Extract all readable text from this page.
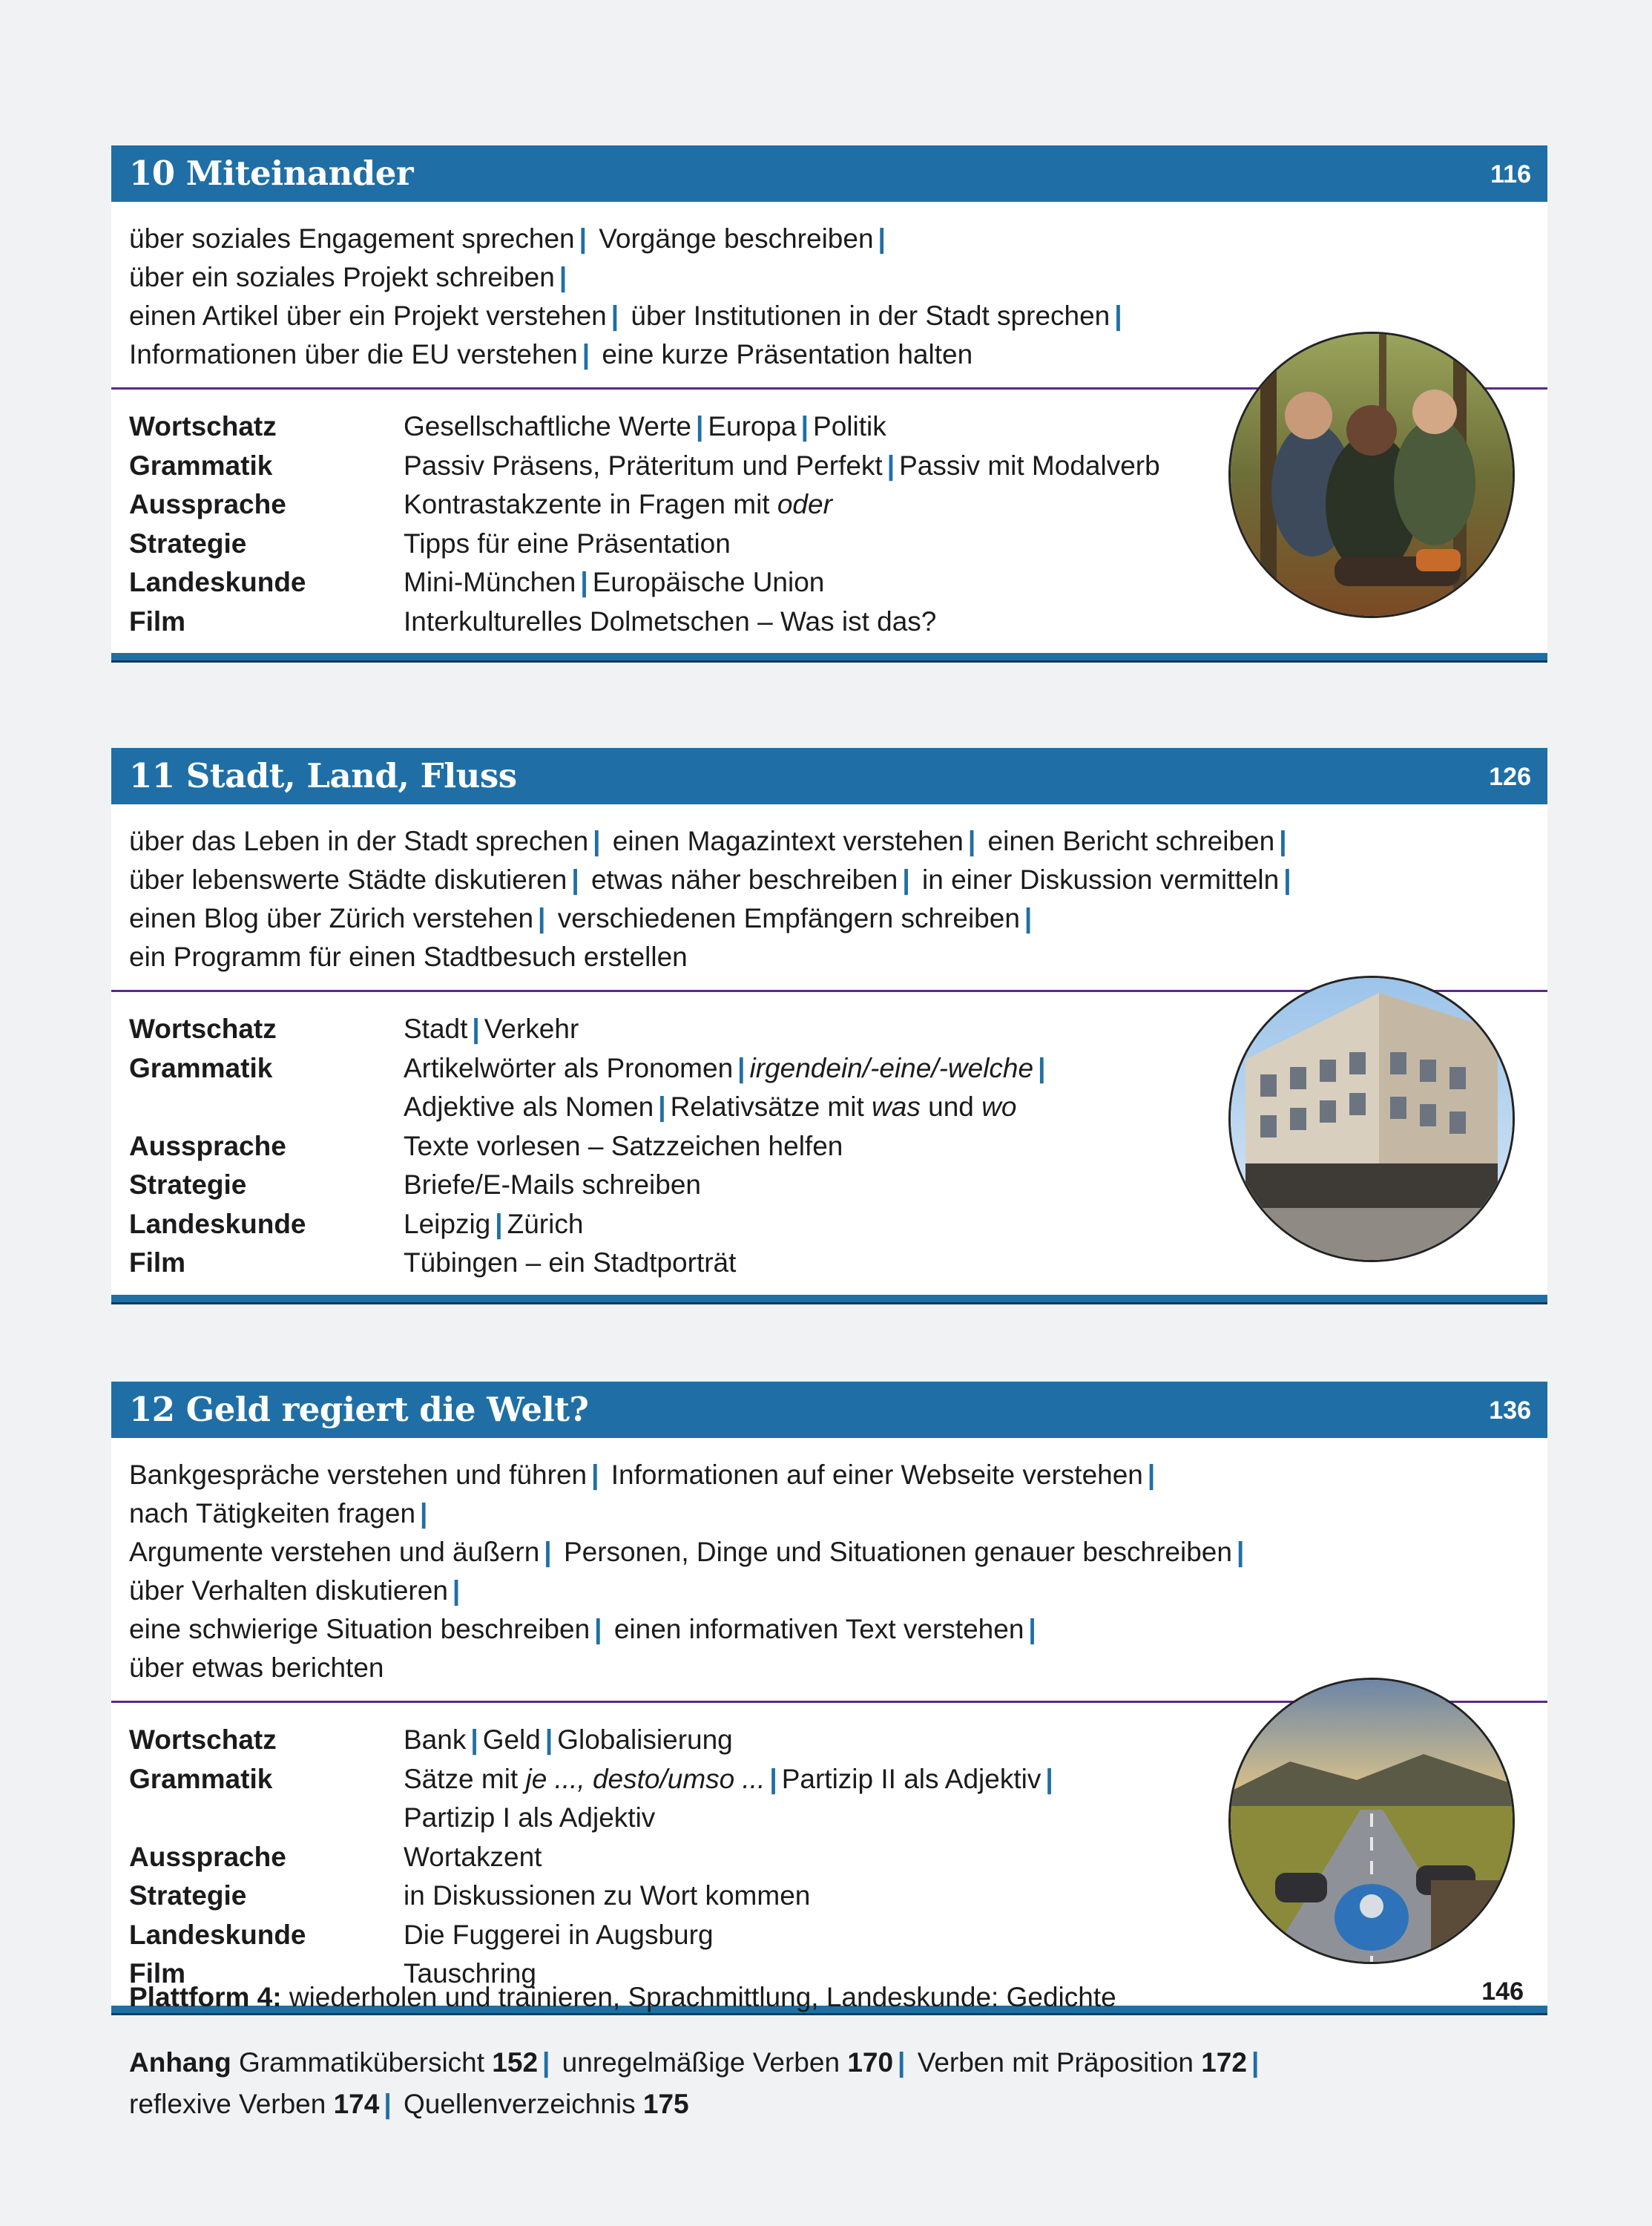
10 Miteinander	116
über soziales Engagement sprechen | Vorgänge beschreiben | über ein soziales Projekt schreiben |
einen Artikel über ein Projekt verstehen | über Institutionen in der Stadt sprechen |
Informationen über die EU verstehen | eine kurze Präsentation halten
Wortschatz	Gesellschaftliche Werte | Europa | Politik
Grammatik	Passiv Präsens, Präteritum und Perfekt | Passiv mit Modalverb
Aussprache	Kontrastakzente in Fragen mit oder
Strategie	Tipps für eine Präsentation
Landeskunde	Mini-München | Europäische Union
Film	Interkulturelles Dolmetschen – Was ist das?
11 Stadt, Land, Fluss	126
über das Leben in der Stadt sprechen | einen Magazintext verstehen | einen Bericht schreiben |
über lebenswerte Städte diskutieren | etwas näher beschreiben | in einer Diskussion vermitteln |
einen Blog über Zürich verstehen | verschiedenen Empfängern schreiben |
ein Programm für einen Stadtbesuch erstellen
Wortschatz	Stadt | Verkehr
Grammatik	Artikelwörter als Pronomen | irgendein/-eine/-welche |
Adjektive als Nomen | Relativsätze mit was und wo
Aussprache	Texte vorlesen – Satzzeichen helfen
Strategie	Briefe/E-Mails schreiben
Landeskunde	Leipzig | Zürich
Film	Tübingen – ein Stadtporträt
12 Geld regiert die Welt?	136
Bankgespräche verstehen und führen | Informationen auf einer Webseite verstehen | nach Tätigkeiten fragen |
Argumente verstehen und äußern | Personen, Dinge und Situationen genauer beschreiben | über Verhalten diskutieren |
eine schwierige Situation beschreiben | einen informativen Text verstehen |
über etwas berichten
Wortschatz	Bank | Geld | Globalisierung
Grammatik	Sätze mit je ..., desto/umso ... | Partizip II als Adjektiv |
Partizip I als Adjektiv
Aussprache	Wortakzent
Strategie	in Diskussionen zu Wort kommen
Landeskunde	Die Fuggerei in Augsburg
Film	Tauschring
Plattform 4: wiederholen und trainieren, Sprachmittlung, Landeskunde: Gedichte	146
Anhang Grammatikübersicht 152 | unregelmäßige Verben 170 | Verben mit Präposition 172 |
reflexive Verben 174 | Quellenverzeichnis 175
